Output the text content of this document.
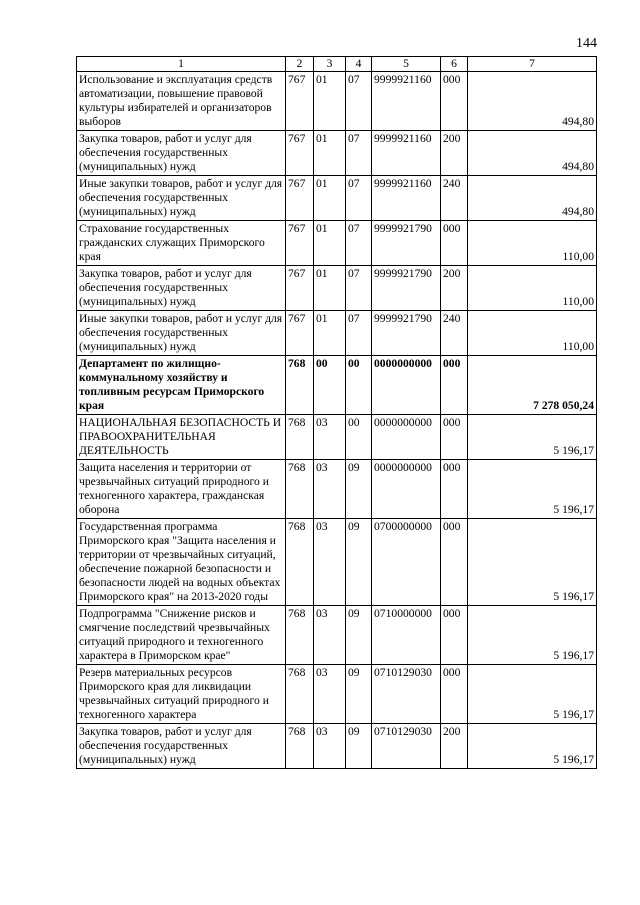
144
1	2	3	4	5	6	7
Использование и эксплуатация средств автоматизации, повышение правовой культуры избирателей и организаторов выборов	767	01	07	9999921160	000	494,80
Закупка товаров, работ и услуг для обеспечения государственных (муниципальных) нужд	767	01	07	9999921160	200	494,80
Иные закупки товаров, работ и услуг для обеспечения государственных (муниципальных) нужд	767	01	07	9999921160	240	494,80
Страхование государственных гражданских служащих Приморского края	767	01	07	9999921790	000	110,00
Закупка товаров, работ и услуг для обеспечения государственных (муниципальных) нужд	767	01	07	9999921790	200	110,00
Иные закупки товаров, работ и услуг для обеспечения государственных (муниципальных) нужд	767	01	07	9999921790	240	110,00
Департамент по жилищно-коммунальному хозяйству и топливным ресурсам Приморского края	768	00	00	0000000000	000	7 278 050,24
НАЦИОНАЛЬНАЯ БЕЗОПАСНОСТЬ И ПРАВООХРАНИТЕЛЬНАЯ ДЕЯТЕЛЬНОСТЬ	768	03	00	0000000000	000	5 196,17
Защита населения и территории от чрезвычайных ситуаций природного и техногенного характера, гражданская оборона	768	03	09	0000000000	000	5 196,17
Государственная программа Приморского края "Защита населения и территории от чрезвычайных ситуаций, обеспечение пожарной безопасности и безопасности людей на водных объектах Приморского края" на 2013-2020 годы	768	03	09	0700000000	000	5 196,17
Подпрограмма "Снижение рисков и смягчение последствий чрезвычайных ситуаций природного и техногенного характера в Приморском крае"	768	03	09	0710000000	000	5 196,17
Резерв материальных ресурсов Приморского края для ликвидации чрезвычайных ситуаций природного и техногенного характера	768	03	09	0710129030	000	5 196,17
Закупка товаров, работ и услуг для обеспечения государственных (муниципальных) нужд	768	03	09	0710129030	200	5 196,17
